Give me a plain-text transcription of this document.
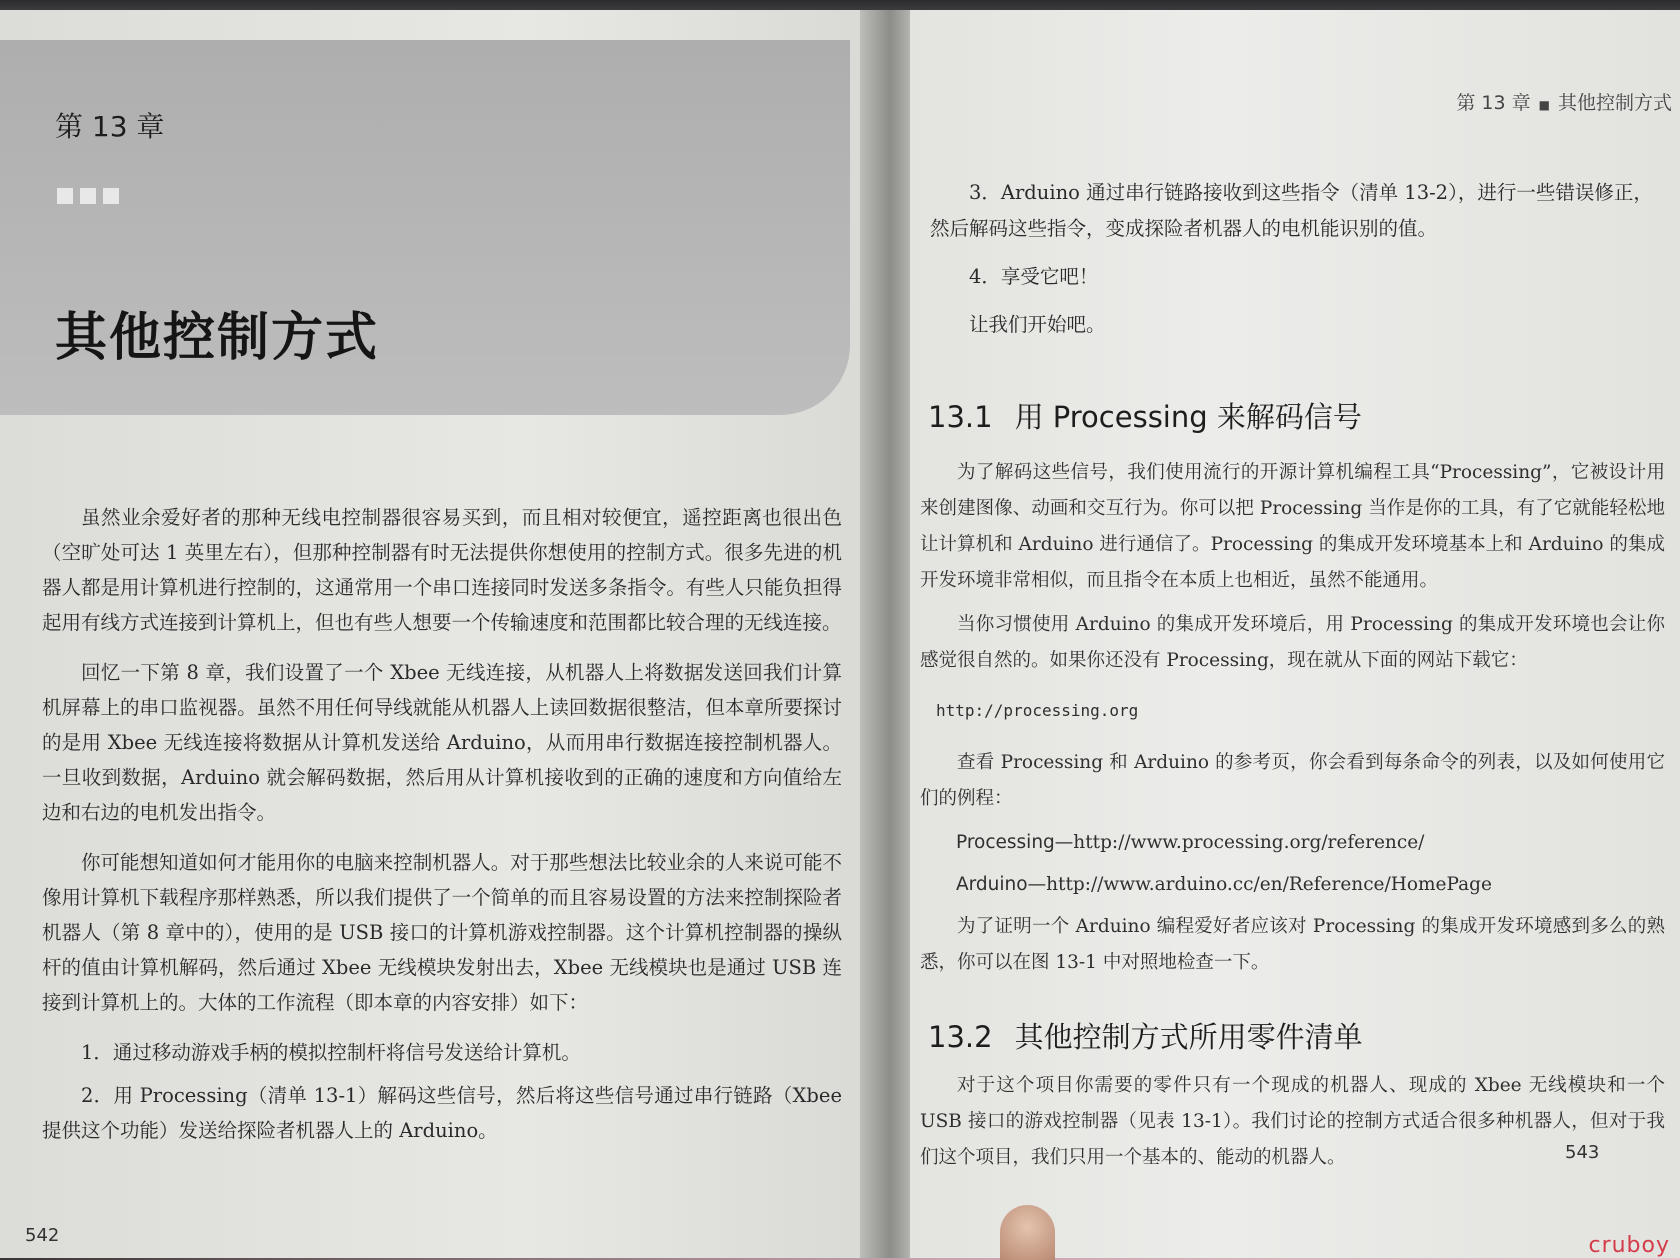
第 13 章
其他控制方式

虽然业余爱好者的那种无线电控制器很容易买到，而且相对较便宜，遥控距离也很出色（空旷处可达 1 英里左右），但那种控制器有时无法提供你想使用的控制方式。很多先进的机器人都是用计算机进行控制的，这通常用一个串口连接同时发送多条指令。有些人只能负担得起用有线方式连接到计算机上，但也有些人想要一个传输速度和范围都比较合理的无线连接。

回忆一下第 8 章，我们设置了一个 Xbee 无线连接，从机器人上将数据发送回我们计算机屏幕上的串口监视器。虽然不用任何导线就能从机器人上读回数据很整洁，但本章所要探讨的是用 Xbee 无线连接将数据从计算机发送给 Arduino，从而用串行数据连接控制机器人。一旦收到数据，Arduino 就会解码数据，然后用从计算机接收到的正确的速度和方向值给左边和右边的电机发出指令。

你可能想知道如何才能用你的电脑来控制机器人。对于那些想法比较业余的人来说可能不像用计算机下载程序那样熟悉，所以我们提供了一个简单的而且容易设置的方法来控制探险者机器人（第 8 章中的），使用的是 USB 接口的计算机游戏控制器。这个计算机控制器的操纵杆的值由计算机解码，然后通过 Xbee 无线模块发射出去，Xbee 无线模块也是通过 USB 连接到计算机上的。大体的工作流程（即本章的内容安排）如下：

1．通过移动游戏手柄的模拟控制杆将信号发送给计算机。

2．用 Processing（清单 13-1）解码这些信号，然后将这些信号通过串行链路（Xbee 提供这个功能）发送给探险者机器人上的 Arduino。

542
第 13 章 ■ 其他控制方式

3．Arduino 通过串行链路接收到这些指令（清单 13-2），进行一些错误修正，然后解码这些指令，变成探险者机器人的电机能识别的值。

4．享受它吧！

让我们开始吧。

13.1 用 Processing 来解码信号

为了解码这些信号，我们使用流行的开源计算机编程工具“Processing”，它被设计用来创建图像、动画和交互行为。你可以把 Processing 当作是你的工具，有了它就能轻松地让计算机和 Arduino 进行通信了。Processing 的集成开发环境基本上和 Arduino 的集成开发环境非常相似，而且指令在本质上也相近，虽然不能通用。

当你习惯使用 Arduino 的集成开发环境后，用 Processing 的集成开发环境也会让你感觉很自然的。如果你还没有 Processing，现在就从下面的网站下载它：

http://processing.org

查看 Processing 和 Arduino 的参考页，你会看到每条命令的列表，以及如何使用它们的例程：

Processing—http://www.processing.org/reference/
Arduino—http://www.arduino.cc/en/Reference/HomePage

为了证明一个 Arduino 编程爱好者应该对 Processing 的集成开发环境感到多么的熟悉，你可以在图 13-1 中对照地检查一下。

13.2 其他控制方式所用零件清单

对于这个项目你需要的零件只有一个现成的机器人、现成的 Xbee 无线模块和一个 USB 接口的游戏控制器（见表 13-1）。我们讨论的控制方式适合很多种机器人，但对于我们这个项目，我们只用一个基本的、能动的机器人。	543
cruboy
